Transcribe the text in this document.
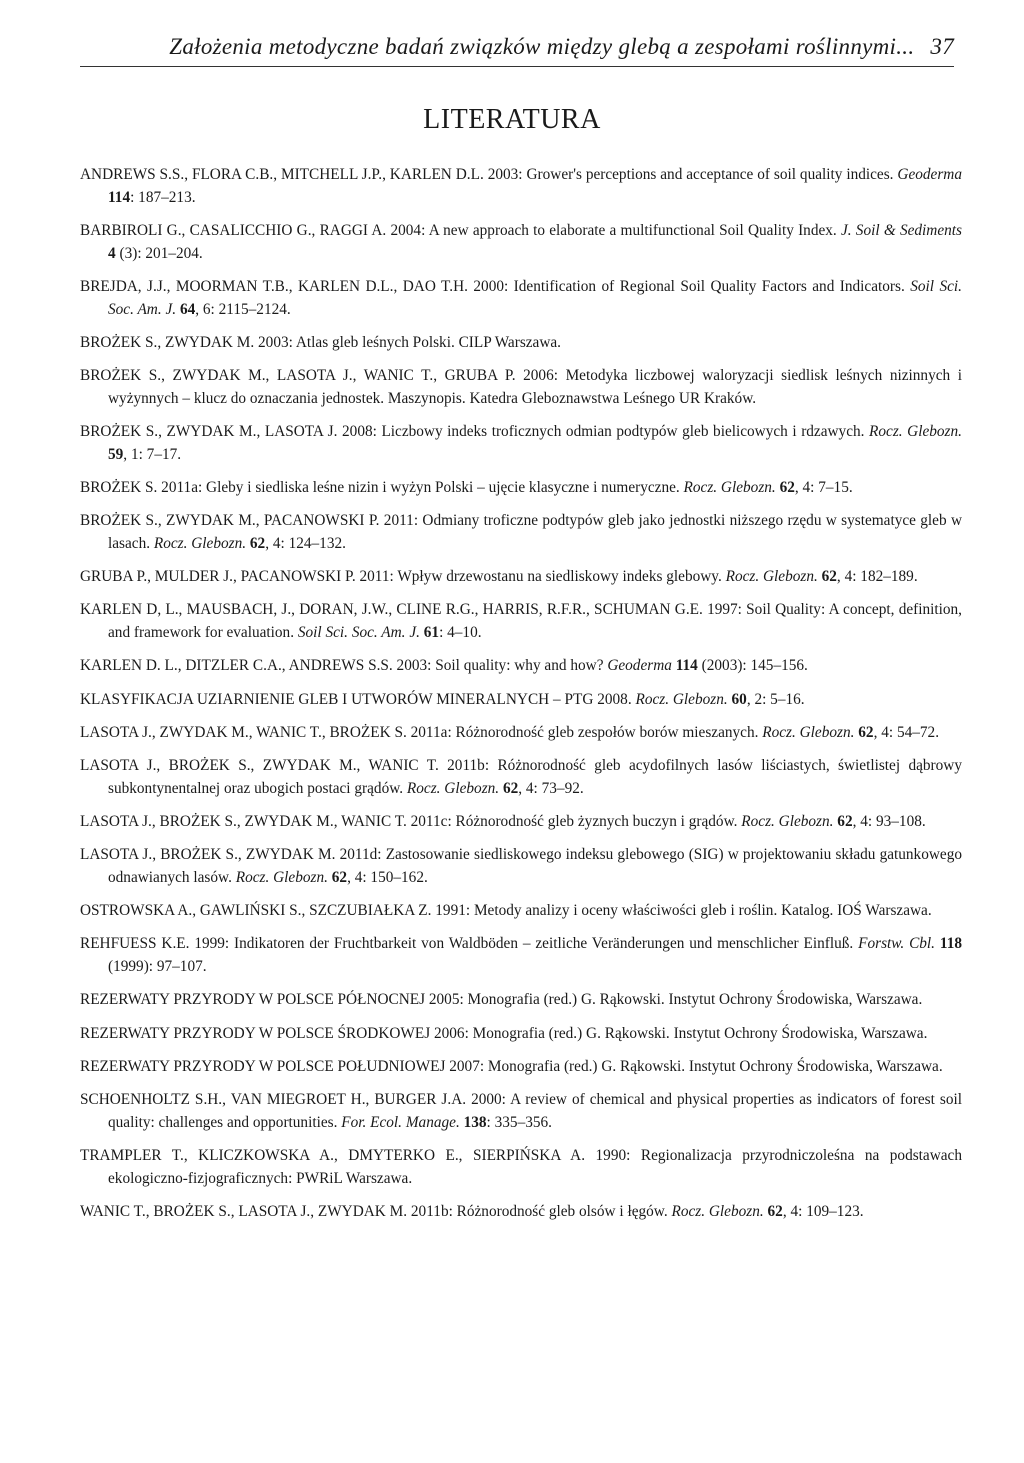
Założenia metodyczne badań związków między glebą a zespołami roślinnymi... 37
LITERATURA
ANDREWS S.S., FLORA C.B., MITCHELL J.P., KARLEN D.L. 2003: Grower's perceptions and acceptance of soil quality indices. Geoderma 114: 187–213.
BARBIROLI G., CASALICCHIO G., RAGGI A. 2004: A new approach to elaborate a multifunctional Soil Quality Index. J. Soil & Sediments 4 (3): 201–204.
BREJDA, J.J., MOORMAN T.B., KARLEN D.L., DAO T.H. 2000: Identification of Regional Soil Quality Factors and Indicators. Soil Sci. Soc. Am. J. 64, 6: 2115–2124.
BROŻEK S., ZWYDAK M. 2003: Atlas gleb leśnych Polski. CILP Warszawa.
BROŻEK S., ZWYDAK M., LASOTA J., WANIC T., GRUBA P. 2006: Metodyka liczbowej waloryzacji siedlisk leśnych nizinnych i wyżynnych – klucz do oznaczania jednostek. Maszynopis. Katedra Gleboznawstwa Leśnego UR Kraków.
BROŻEK S., ZWYDAK M., LASOTA J. 2008: Liczbowy indeks troficznych odmian podtypów gleb bielicowych i rdzawych. Rocz. Glebozn. 59, 1: 7–17.
BROŻEK S. 2011a: Gleby i siedliska leśne nizin i wyżyn Polski – ujęcie klasyczne i numeryczne. Rocz. Glebozn. 62, 4: 7–15.
BROŻEK S., ZWYDAK M., PACANOWSKI P. 2011: Odmiany troficzne podtypów gleb jako jednostki niższego rzędu w systematyce gleb w lasach. Rocz. Glebozn. 62, 4: 124–132.
GRUBA P., MULDER J., PACANOWSKI P. 2011: Wpływ drzewostanu na siedliskowy indeks glebowy. Rocz. Glebozn. 62, 4: 182–189.
KARLEN D, L., MAUSBACH, J., DORAN, J.W., CLINE R.G., HARRIS, R.F.R., SCHUMAN G.E. 1997: Soil Quality: A concept, definition, and framework for evaluation. Soil Sci. Soc. Am. J. 61: 4–10.
KARLEN D. L., DITZLER C.A., ANDREWS S.S. 2003: Soil quality: why and how? Geoderma 114 (2003): 145–156.
KLASYFIKACJA UZIARNIENIE GLEB I UTWORÓW MINERALNYCH – PTG 2008. Rocz. Glebozn. 60, 2: 5–16.
LASOTA J., ZWYDAK M., WANIC T., BROŻEK S. 2011a: Różnorodność gleb zespołów borów mieszanych. Rocz. Glebozn. 62, 4: 54–72.
LASOTA J., BROŻEK S., ZWYDAK M., WANIC T. 2011b: Różnorodność gleb acydofilnych lasów liściastych, świetlistej dąbrowy subkontynentalnej oraz ubogich postaci grądów. Rocz. Glebozn. 62, 4: 73–92.
LASOTA J., BROŻEK S., ZWYDAK M., WANIC T. 2011c: Różnorodność gleb żyznych buczyn i grądów. Rocz. Glebozn. 62, 4: 93–108.
LASOTA J., BROŻEK S., ZWYDAK M. 2011d: Zastosowanie siedliskowego indeksu glebowego (SIG) w projektowaniu składu gatunkowego odnawianych lasów. Rocz. Glebozn. 62, 4: 150–162.
OSTROWSKA A., GAWLIŃSKI S., SZCZUBIAŁKA Z. 1991: Metody analizy i oceny właściwości gleb i roślin. Katalog. IOŚ Warszawa.
REHFUESS K.E. 1999: Indikatoren der Fruchtbarkeit von Waldböden – zeitliche Veränderungen und menschlicher Einfluß. Forstw. Cbl. 118 (1999): 97–107.
REZERWATY PRZYRODY W POLSCE PÓŁNOCNEJ 2005: Monografia (red.) G. Rąkowski. Instytut Ochrony Środowiska, Warszawa.
REZERWATY PRZYRODY W POLSCE ŚRODKOWEJ 2006: Monografia (red.) G. Rąkowski. Instytut Ochrony Środowiska, Warszawa.
REZERWATY PRZYRODY W POLSCE POŁUDNIOWEJ 2007: Monografia (red.) G. Rąkowski. Instytut Ochrony Środowiska, Warszawa.
SCHOENHOLTZ S.H., VAN MIEGROET H., BURGER J.A. 2000: A review of chemical and physical properties as indicators of forest soil quality: challenges and opportunities. For. Ecol. Manage. 138: 335–356.
TRAMPLER T., KLICZKOWSKA A., DMYTERKO E., SIERPIŃSKA A. 1990: Regionalizacja przyrodniczoleśna na podstawach ekologiczno-fizjograficznych: PWRiL Warszawa.
WANIC T., BROŻEK S., LASOTA J., ZWYDAK M. 2011b: Różnorodność gleb olsów i łęgów. Rocz. Glebozn. 62, 4: 109–123.
